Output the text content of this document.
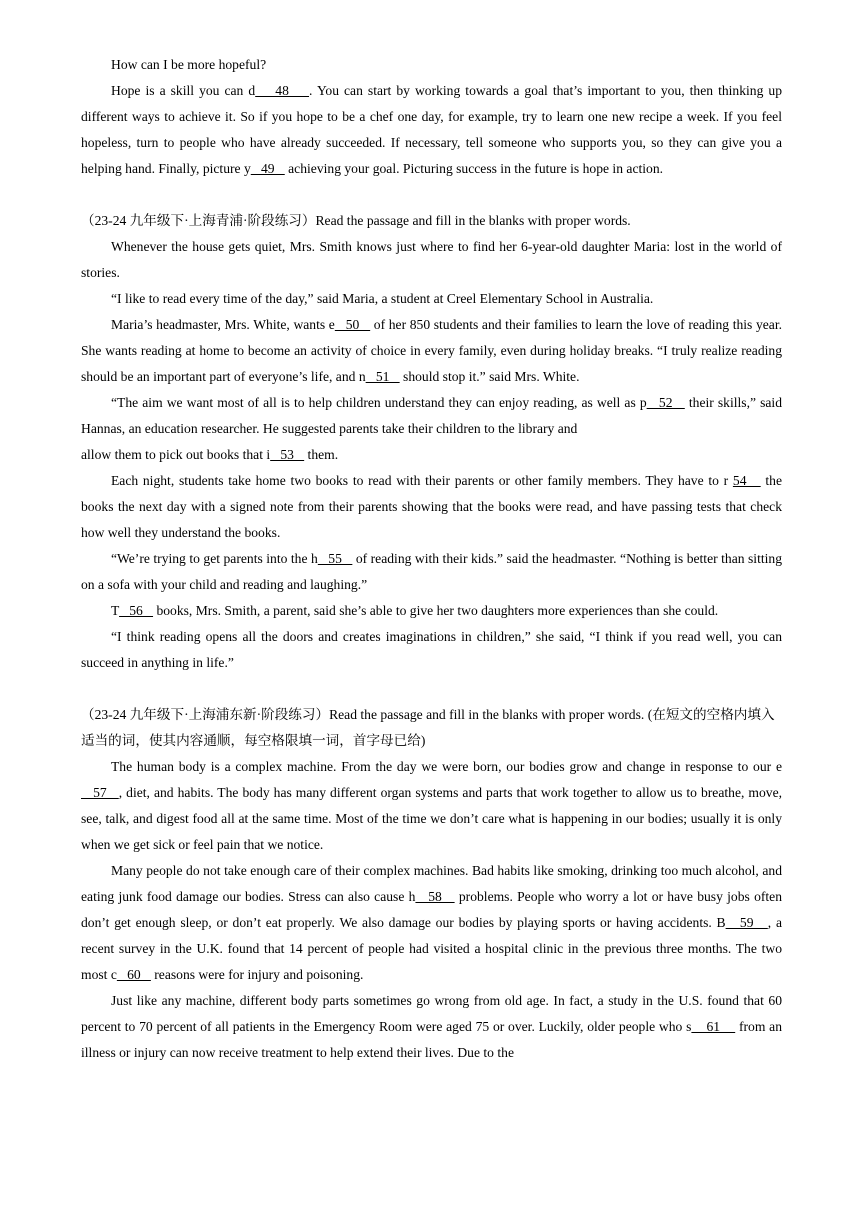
How can I be more hopeful?

Hope is a skill you can d    48    . You can start by working towards a goal that’s important to you, then thinking up different ways to achieve it. So if you hope to be a chef one day, for example, try to learn one new recipe a week. If you feel hopeless, turn to people who have already succeeded. If necessary, tell someone who supports you, so they can give you a helping hand. Finally, picture y   49    achieving your goal. Picturing success in the future is hope in action.

（23-24 九年级下·上海青浦·阶段练习）Read the passage and fill in the blanks with proper words.

Whenever the house gets quiet, Mrs. Smith knows just where to find her 6-year-old daughter Maria: lost in the world of stories.

“I like to read every time of the day,” said Maria, a student at Creel Elementary School in Australia.

Maria’s headmaster, Mrs. White, wants e   50    of her 850 students and their families to learn the love of reading this year. She wants reading at home to become an activity of choice in every family, even during holiday breaks. “I truly realize reading should be an important part of everyone’s life, and n   51    should stop it.” said Mrs. White.

“The aim we want most of all is to help children understand they can enjoy reading, as well as p   52    their skills,” said Hannas, an education researcher. He suggested parents take their children to the library and
allow them to pick out books that i   53    them.

Each night, students take home two books to read with their parents or other family members. They have to r 54    the books the next day with a signed note from their parents showing that the books were read, and have passing tests that check how well they understand the books.

“We’re trying to get parents into the h   55    of reading with their kids.” said the headmaster. “Nothing is better than sitting on a sofa with your child and reading and laughing.”

T   56    books, Mrs. Smith, a parent, said she’s able to give her two daughters more experiences than she could.

“I think reading opens all the doors and creates imaginations in children,” she said, “I think if you read well, you can succeed in anything in life.”

（23-24 九年级下·上海浦东新·阶段练习）Read the passage and fill in the blanks with proper words. (在短文的空格内填入适当的词，使其内容通顺，每空格限填一词，首字母已给)

The human body is a complex machine. From the day we were born, our bodies grow and change in response to our e   57   , diet, and habits. The body has many different organ systems and parts that work together to allow us to breathe, move, see, talk, and digest food all at the same time. Most of the time we don’t care what is happening in our bodies; usually it is only when we get sick or feel pain that we notice.

Many people do not take enough care of their complex machines. Bad habits like smoking, drinking too much alcohol, and eating junk food damage our bodies. Stress can also cause h   58    problems. People who worry a lot or have busy jobs often don’t get enough sleep, or don’t eat properly. We also damage our bodies by playing sports or having accidents. B   59   , a recent survey in the U.K. found that 14 percent of people had visited a hospital clinic in the previous three months. The two most c   60    reasons were for injury and poisoning.

Just like any machine, different body parts sometimes go wrong from old age. In fact, a study in the U.S. found that 60 percent to 70 percent of all patients in the Emergency Room were aged 75 or over. Luckily, older people who s    61     from an illness or injury can now receive treatment to help extend their lives. Due to the
